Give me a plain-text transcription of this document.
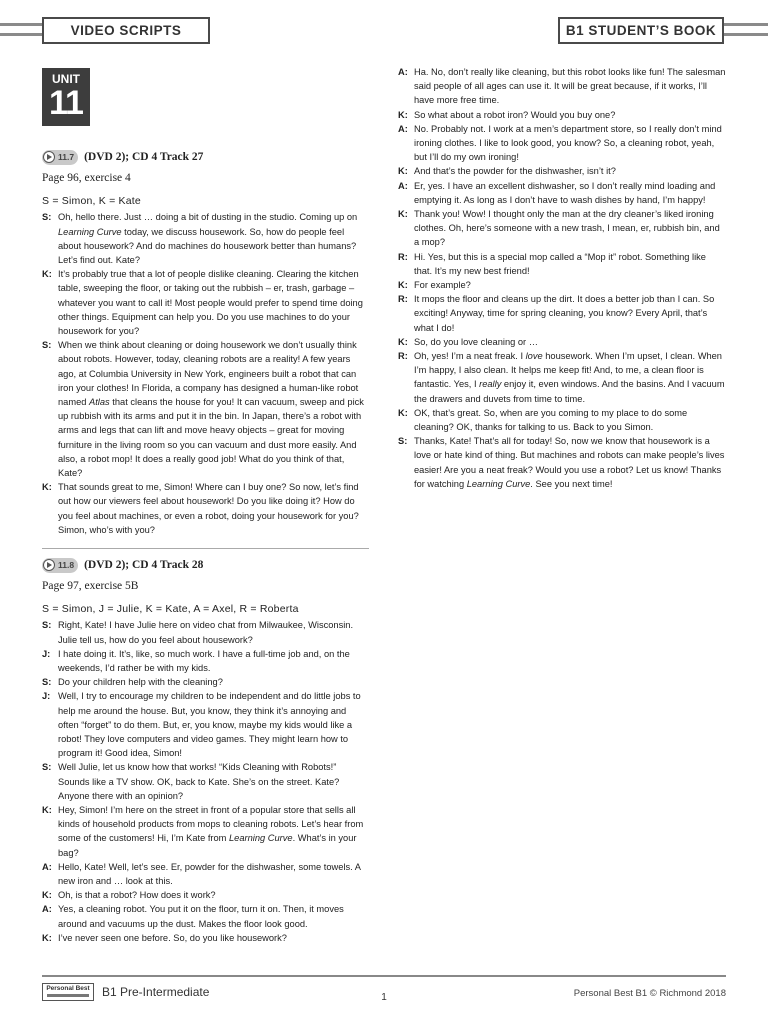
VIDEO SCRIPTS	B1 STUDENT’S BOOK
UNIT
11
11.7 (DVD 2); CD 4 Track 27
Page 96, exercise 4
S = Simon, K = Kate
S: Oh, hello there. Just … doing a bit of dusting in the studio. Coming up on Learning Curve today, we discuss housework. So, how do people feel about housework? And do machines do housework better than humans? Let’s find out. Kate?
K: It’s probably true that a lot of people dislike cleaning. Clearing the kitchen table, sweeping the floor, or taking out the rubbish – er, trash, garbage – whatever you want to call it! Most people would prefer to spend time doing other things. Equipment can help you. Do you use machines to do your housework for you?
S: When we think about cleaning or doing housework we don’t usually think about robots. However, today, cleaning robots are a reality! A few years ago, at Columbia University in New York, engineers built a robot that can iron your clothes! In Florida, a company has designed a human-like robot named Atlas that cleans the house for you! It can vacuum, sweep and pick up rubbish with its arms and put it in the bin. In Japan, there’s a robot with arms and legs that can lift and move heavy objects – great for moving furniture in the living room so you can vacuum and dust more easily. And also, a robot mop! It does a really good job! What do you think of that, Kate?
K: That sounds great to me, Simon! Where can I buy one? So now, let’s find out how our viewers feel about housework! Do you like doing it? How do you feel about machines, or even a robot, doing your housework for you? Simon, who’s with you?
11.8 (DVD 2); CD 4 Track 28
Page 97, exercise 5B
S = Simon, J = Julie, K = Kate, A = Axel, R = Roberta
S: Right, Kate! I have Julie here on video chat from Milwaukee, Wisconsin. Julie tell us, how do you feel about housework?
J: I hate doing it. It’s, like, so much work. I have a full-time job and, on the weekends, I’d rather be with my kids.
S: Do your children help with the cleaning?
J: Well, I try to encourage my children to be independent and do little jobs to help me around the house. But, you know, they think it’s annoying and often “forget” to do them. But, er, you know, maybe my kids would like a robot! They love computers and video games. They might learn how to program it! Good idea, Simon!
S: Well Julie, let us know how that works! “Kids Cleaning with Robots!” Sounds like a TV show. OK, back to Kate. She’s on the street. Kate? Anyone there with an opinion?
K: Hey, Simon! I’m here on the street in front of a popular store that sells all kinds of household products from mops to cleaning robots. Let’s hear from some of the customers! Hi, I’m Kate from Learning Curve. What’s in your bag?
A: Hello, Kate! Well, let’s see. Er, powder for the dishwasher, some towels. A new iron and … look at this.
K: Oh, is that a robot? How does it work?
A: Yes, a cleaning robot. You put it on the floor, turn it on. Then, it moves around and vacuums up the dust. Makes the floor look good.
K: I’ve never seen one before. So, do you like housework?
A: Ha. No, don’t really like cleaning, but this robot looks like fun! The salesman said people of all ages can use it. It will be great because, if it works, I’ll have more free time.
K: So what about a robot iron? Would you buy one?
A: No. Probably not. I work at a men’s department store, so I really don’t mind ironing clothes. I like to look good, you know? So, a cleaning robot, yeah, but I’ll do my own ironing!
K: And that’s the powder for the dishwasher, isn’t it?
A: Er, yes. I have an excellent dishwasher, so I don’t really mind loading and emptying it. As long as I don’t have to wash dishes by hand, I’m happy!
K: Thank you! Wow! I thought only the man at the dry cleaner’s liked ironing clothes. Oh, here’s someone with a new trash, I mean, er, rubbish bin, and a mop?
R: Hi. Yes, but this is a special mop called a “Mop it” robot. Something like that. It’s my new best friend!
K: For example?
R: It mops the floor and cleans up the dirt. It does a better job than I can. So exciting! Anyway, time for spring cleaning, you know? Every April, that’s what I do!
K: So, do you love cleaning or …
R: Oh, yes! I’m a neat freak. I love housework. When I’m upset, I clean. When I’m happy, I also clean. It helps me keep fit! And, to me, a clean floor is fantastic. Yes, I really enjoy it, even windows. And the basins. And I vacuum the drawers and duvets from time to time.
K: OK, that’s great. So, when are you coming to my place to do some cleaning? OK, thanks for talking to us. Back to you Simon.
S: Thanks, Kate! That’s all for today! So, now we know that housework is a love or hate kind of thing. But machines and robots can make people’s lives easier! Are you a neat freak? Would you use a robot? Let us know! Thanks for watching Learning Curve. See you next time!
Personal Best B1 Pre-Intermediate	1	Personal Best B1 © Richmond 2018
